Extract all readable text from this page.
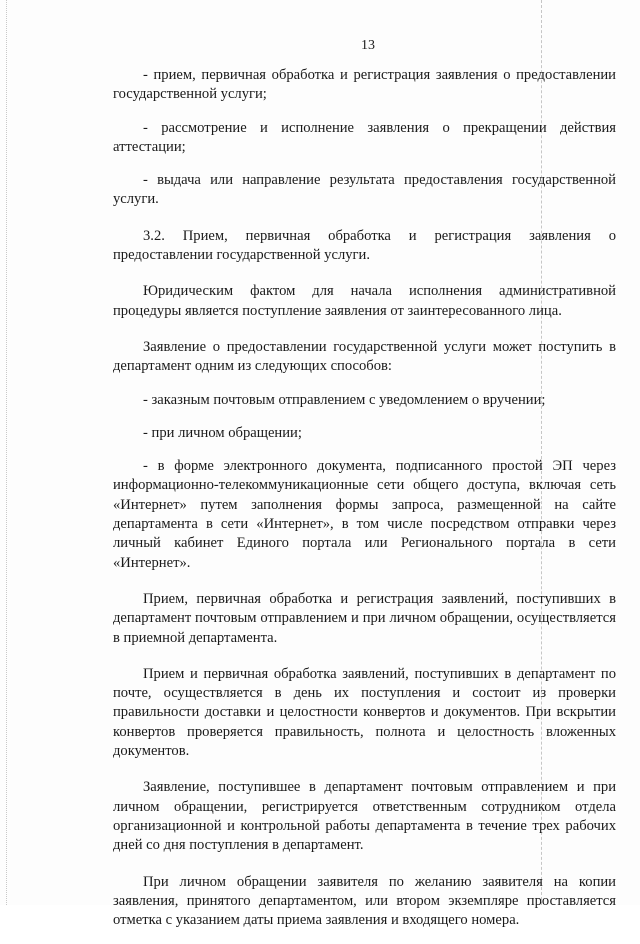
13

- прием, первичная обработка и регистрация заявления о предоставлении государственной услуги;

- рассмотрение и исполнение заявления о прекращении действия аттестации;

- выдача или направление результата предоставления государственной услуги.

3.2. Прием, первичная обработка и регистрация заявления о предоставлении государственной услуги.

Юридическим фактом для начала исполнения административной процедуры является поступление заявления от заинтересованного лица.

Заявление о предоставлении государственной услуги может поступить в департамент одним из следующих способов:

- заказным почтовым отправлением с уведомлением о вручении;

- при личном обращении;

- в форме электронного документа, подписанного простой ЭП через информационно-телекоммуникационные сети общего доступа, включая сеть «Интернет» путем заполнения формы запроса, размещенной на сайте департамента в сети «Интернет», в том числе посредством отправки через личный кабинет Единого портала или Регионального портала в сети «Интернет».

Прием, первичная обработка и регистрация заявлений, поступивших в департамент почтовым отправлением и при личном обращении, осуществляется в приемной департамента.

Прием и первичная обработка заявлений, поступивших в департамент по почте, осуществляется в день их поступления и состоит из проверки правильности доставки и целостности конвертов и документов. При вскрытии конвертов проверяется правильность, полнота и целостность вложенных документов.

Заявление, поступившее в департамент почтовым отправлением и при личном обращении, регистрируется ответственным сотрудником отдела организационной и контрольной работы департамента в течение трех рабочих дней со дня поступления в департамент.

При личном обращении заявителя по желанию заявителя на копии заявления, принятого департаментом, или втором экземпляре проставляется отметка с указанием даты приема заявления и входящего номера.
